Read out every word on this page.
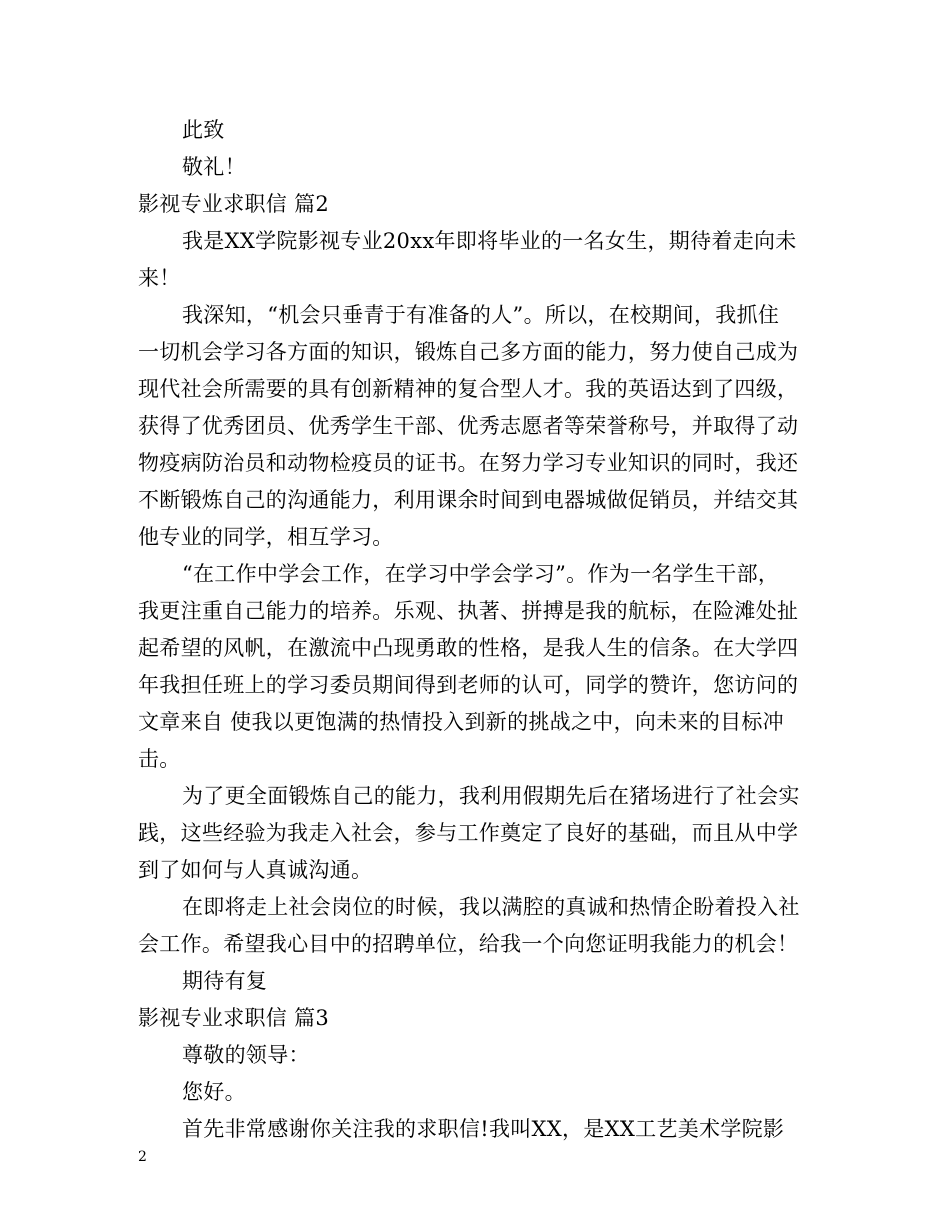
此致
敬礼！
影视专业求职信 篇2
我是XX学院影视专业20xx年即将毕业的一名女生，期待着走向未
来！
我深知，“机会只垂青于有准备的人”。所以，在校期间，我抓住
一切机会学习各方面的知识，锻炼自己多方面的能力，努力使自己成为
现代社会所需要的具有创新精神的复合型人才。我的英语达到了四级，
获得了优秀团员、优秀学生干部、优秀志愿者等荣誉称号，并取得了动
物疫病防治员和动物检疫员的证书。在努力学习专业知识的同时，我还
不断锻炼自己的沟通能力，利用课余时间到电器城做促销员，并结交其
他专业的同学，相互学习。
“在工作中学会工作，在学习中学会学习”。作为一名学生干部，
我更注重自己能力的培养。乐观、执著、拼搏是我的航标，在险滩处扯
起希望的风帆，在激流中凸现勇敢的性格，是我人生的信条。在大学四
年我担任班上的学习委员期间得到老师的认可，同学的赞许，您访问的
文章来自 使我以更饱满的热情投入到新的挑战之中，向未来的目标冲
击。
为了更全面锻炼自己的能力，我利用假期先后在猪场进行了社会实
践，这些经验为我走入社会，参与工作奠定了良好的基础，而且从中学
到了如何与人真诚沟通。
在即将走上社会岗位的时候，我以满腔的真诚和热情企盼着投入社
会工作。希望我心目中的招聘单位，给我一个向您证明我能力的机会！
期待有复
影视专业求职信 篇3
尊敬的领导：
您好。
首先非常感谢你关注我的求职信!我叫XX，是XX工艺美术学院影
2
